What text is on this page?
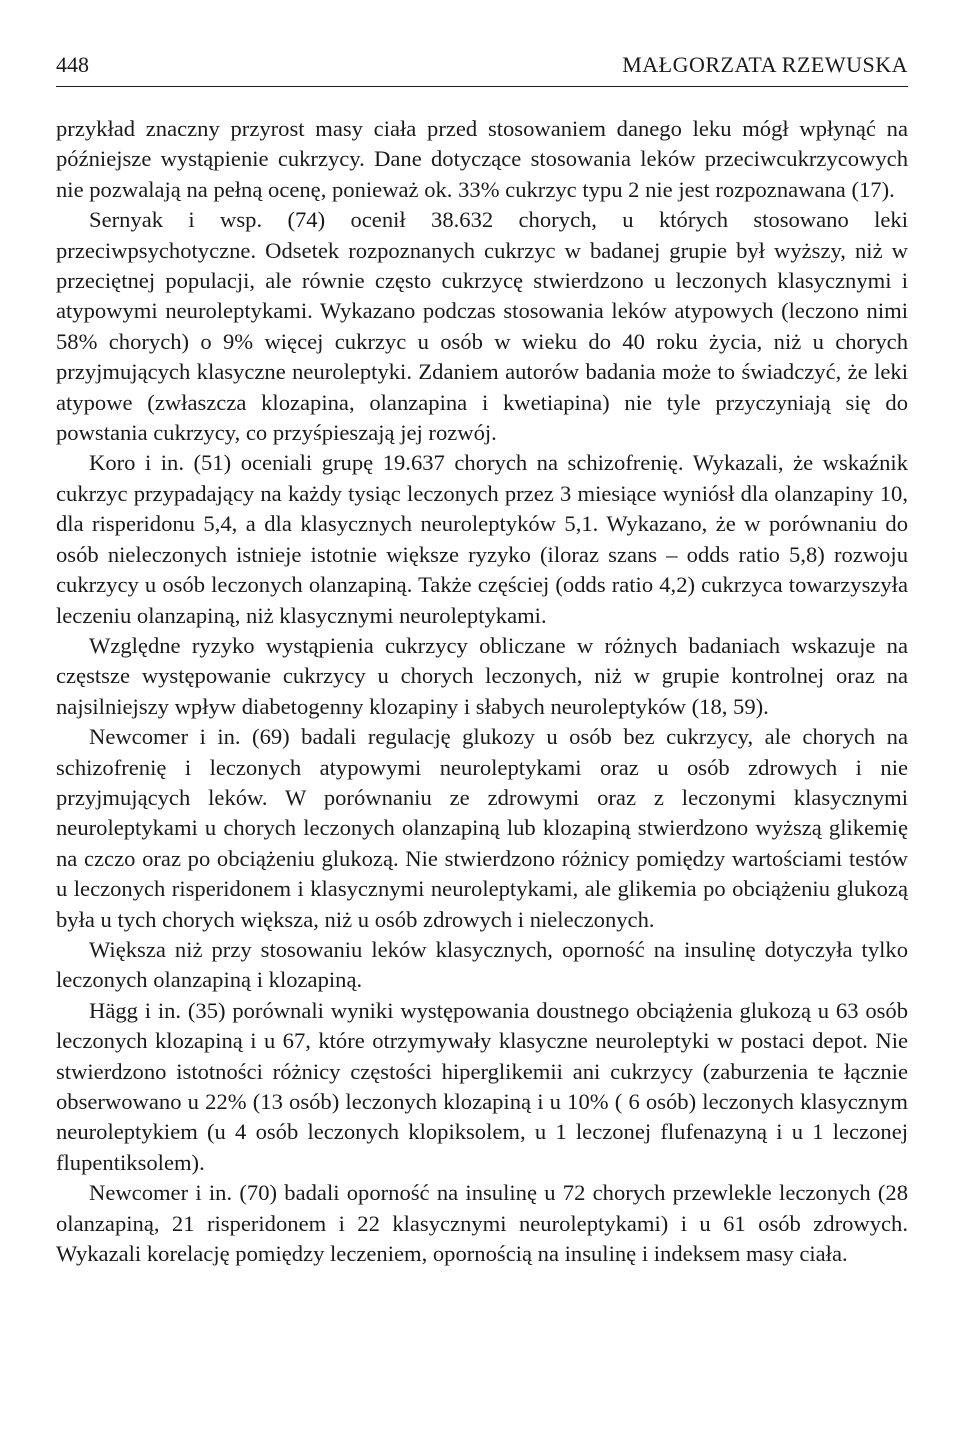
448	MAŁGORZATA RZEWUSKA

przykład znaczny przyrost masy ciała przed stosowaniem danego leku mógł wpłynąć na późniejsze wystąpienie cukrzycy. Dane dotyczące stosowania leków przeciwcukrzycowych nie pozwalają na pełną ocenę, ponieważ ok. 33% cukrzyc typu 2 nie jest rozpoznawana (17).

Sernyak i wsp. (74) ocenił 38.632 chorych, u których stosowano leki przeciwpsychotyczne. Odsetek rozpoznanych cukrzyc w badanej grupie był wyższy, niż w przeciętnej populacji, ale równie często cukrzycę stwierdzono u leczonych klasycznymi i atypowymi neuroleptykami. Wykazano podczas stosowania leków atypowych (leczono nimi 58% chorych) o 9% więcej cukrzyc u osób w wieku do 40 roku życia, niż u chorych przyjmujących klasyczne neuroleptyki. Zdaniem autorów badania może to świadczyć, że leki atypowe (zwłaszcza klozapina, olanzapina i kwetiapina) nie tyle przyczyniają się do powstania cukrzycy, co przyśpieszają jej rozwój.

Koro i in. (51) oceniali grupę 19.637 chorych na schizofrenię. Wykazali, że wskaźnik cukrzyc przypadający na każdy tysiąc leczonych przez 3 miesiące wyniósł dla olanzapiny 10, dla risperidonu 5,4, a dla klasycznych neuroleptyków 5,1. Wykazano, że w porównaniu do osób nieleczonych istnieje istotnie większe ryzyko (iloraz szans – odds ratio 5,8) rozwoju cukrzycy u osób leczonych olanzapiną. Także częściej (odds ratio 4,2) cukrzyca towarzyszyła leczeniu olanzapiną, niż klasycznymi neuroleptykami.

Względne ryzyko wystąpienia cukrzycy obliczane w różnych badaniach wskazuje na częstsze występowanie cukrzycy u chorych leczonych, niż w grupie kontrolnej oraz na najsilniejszy wpływ diabetogenny klozapiny i słabych neuroleptyków (18, 59).

Newcomer i in. (69) badali regulację glukozy u osób bez cukrzycy, ale chorych na schizofrenię i leczonych atypowymi neuroleptykami oraz u osób zdrowych i nie przyjmujących leków. W porównaniu ze zdrowymi oraz z leczonymi klasycznymi neuroleptykami u chorych leczonych olanzapiną lub klozapiną stwierdzono wyższą glikemię na czczo oraz po obciążeniu glukozą. Nie stwierdzono różnicy pomiędzy wartościami testów u leczonych risperidonem i klasycznymi neuroleptykami, ale glikemia po obciążeniu glukozą była u tych chorych większa, niż u osób zdrowych i nieleczonych.

Większa niż przy stosowaniu leków klasycznych, oporność na insulinę dotyczyła tylko leczonych olanzapiną i klozapiną.

Hägg i in. (35) porównali wyniki występowania doustnego obciążenia glukozą u 63 osób leczonych klozapiną i u 67, które otrzymywały klasyczne neuroleptyki w postaci depot. Nie stwierdzono istotności różnicy częstości hiperglikemii ani cukrzycy (zaburzenia te łącznie obserwowano u 22% (13 osób) leczonych klozapiną i u 10% ( 6 osób) leczonych klasycznym neuroleptykiem (u 4 osób leczonych klopiksolem, u 1 leczonej flufenazyną i u 1 leczonej flupentiksolem).

Newcomer i in. (70) badali oporność na insulinę u 72 chorych przewlekle leczonych (28 olanzapiną, 21 risperidonem i 22 klasycznymi neuroleptykami) i u 61 osób zdrowych. Wykazali korelację pomiędzy leczeniem, opornością na insulinę i indeksem masy ciała.
